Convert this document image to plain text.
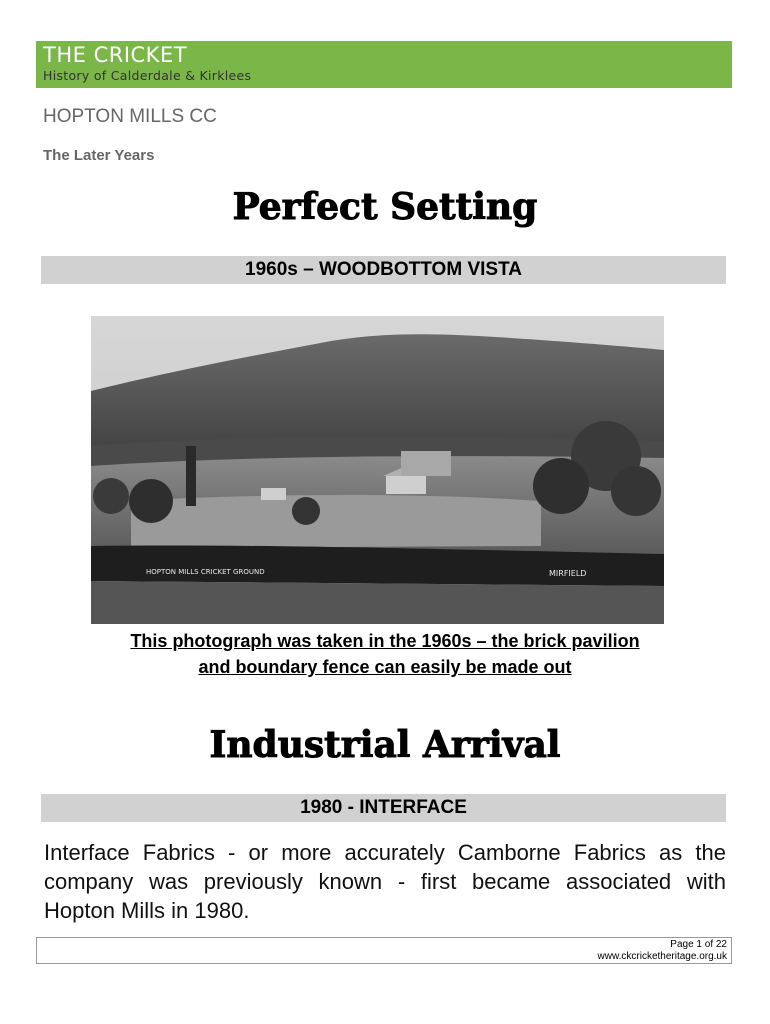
THE CRICKET
History of Calderdale & Kirklees
HOPTON MILLS CC
The Later Years
Perfect Setting
1960s – WOODBOTTOM VISTA
HOPTON MILLS CRICKET GROUND	MIRFIELD
This photograph was taken in the 1960s – the brick pavilion
and boundary fence can easily be made out
Industrial Arrival
1980 - INTERFACE
Interface Fabrics - or more accurately Camborne Fabrics as the company was previously known - first became associated with Hopton Mills in 1980.
Page 1 of 22
www.ckcricketheritage.org.uk
